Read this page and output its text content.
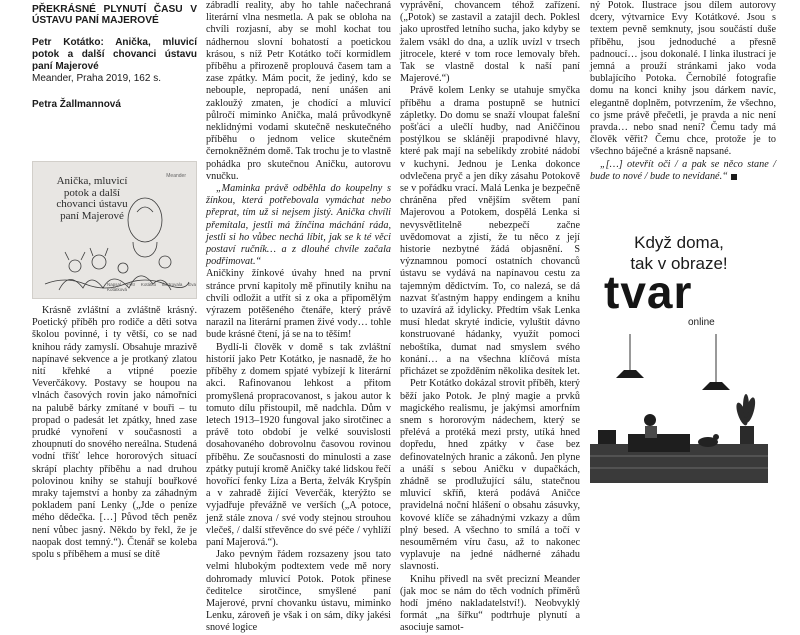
PŘEKRÁSNÉ PLYNUTÍ ČASU V ÚSTAVU PANÍ MAJEROVÉ
Petr Kotátko: Anička, mluvicí potok a další chovanci ústavu paní Majerové
Meander, Praha 2019, 162 s.
Petra Žallmannová
Meander
Anička, mluvicí potok a další chovanci ústavu paní Majerové
Napsal Petr Kotátko Ilustrovala Eva Kotátková

Krásně zvláštní a zvláštně krásný. Poetický příběh pro rodiče a děti sotva školou povinné, i ty větší, co se nad knihou rády zamyslí. Obsahuje mrazivě napínavé sekvence a je protkaný zlatou nití křehké a vtipné poezie Veverčákovy. Postavy se houpou na vlnách časových rovin jako námořníci na palubě bárky zmítané v bouři – tu propad o padesát let zpátky, hned zase prudké vynoření v současnosti a zhoupnutí do snového nereálna. Studená vodní tříšť lehce hororových situací skrápí plachty příběhu a nad druhou polovinou knihy se stahují bouřkové mraky tajemství a honby za záhadným pokladem paní Lenky („Jde o peníze mého dědečka. […] Původ těch peněz není vůbec jasný. Někdo by řekl, že je naopak dost temný.“). Čtenář se koleba spolu s příběhem a musí se dítě

zábradlí reality, aby ho tahle načechraná literární vlna nesmetla. A pak se obloha na chvíli rozjasní, aby se mohl kochat tou nádhernou slovní bohatostí a poetickou krásou, s níž Petr Kotátko točí kormidlem příběhu a přirozeně proplouvá časem tam a zase zpátky. Mám pocit, že jediný, kdo se nebouple, nepropadá, není unášen ani zakloužý zmaten, je chodící a mluvicí půlročí miminko Anička, malá průvodkyně neklidnými vodami skutečně neskutečného příběhu o jednom velice skutečném černokněžném domě. Tak trochu je to vlastně pohádka pro skutečnou Aničku, autorovu vnučku.

„Maminka právě odběhla do koupelny s žínkou, která potřebovala vymáchat nebo přeprat, tím už si nejsem jistý. Anička chvíli přemítala, jestli má žínčina máchání ráda, jestli si ho vůbec nechá líbit, jak se k té věci postaví ručník… a z dlouhé chvíle začala podřimovat.“

Aničkiny žínkové úvahy hned na první stránce první kapitoly mě přinutily knihu na chvíli odložit a utřít si z oka a připomělým výrazem potěšeného čtenáře, který právě narazil na literární pramen živé vody… tohle bude krásné čtení, já se na to těším!

Bydlí-li člověk v domě s tak zvláštní historií jako Petr Kotátko, je nasnadě, že ho příběhy z domem spjaté vybízejí k literární akci. Rafinovanou lehkost a přitom promyšlená propracovanost, s jakou autor k tomuto dílu přistoupil, mě nadchla. Dům v letech 1913–1920 fungoval jako sirotčinec a právě toto období je velké souvislosti dosahovaného dobrovolnu časovou rovinou příběhu. Ze současnosti do minulosti a zase zpátky putují kromě Aničky také lidskou řečí hovořící fenky Líza a Berta, želvák Kryšpín a v zahradě žijící Veverčák, kterýžto se vyjadřuje převážně ve verších („A potoce, jenž stále znova / své vody stejnou strouhou vlečeš, / další střevěnce do své péče / vyhlíží paní Majerová.“).

Jako pevným řádem rozsazeny jsou tato velmi hlubokým podtextem vede mě nory dohromady mluvicí Potok. Potok přinese čeditelce sirotčince, smyšlené paní Majerové, první chovanku ústavu, miminko Lenku, zároveň je však i on sám, díky jakési snové logice

vyprávění, chovancem téhož zařízení. („Potok) se zastavil a zatajil dech. Poklesl jako uprostřed letního sucha, jako kdyby se žalem vsákl do dna, a uzlík uvízl v trsech jitrocele, které v tom roce lemovaly břeh. Tak se vlastně dostal k naší paní Majerové.“)

Právě kolem Lenky se utahuje smyčka příběhu a drama postupně se hutnicí zápletky. Do domu se snaží vloupat falešní pošťáci a ulečlí hudby, nad Aniččinou postýlkou se skláněji prapodivné hlavy, které pak mají na sebelíkdy zrobité nádobí v kuchyni. Jednou je Lenka dokonce odvlečena pryč a jen díky zásahu Potokově se v pořádku vrací. Malá Lenka je bezpečně chráněna před vnějším světem paní Majerovou a Potokem, dospělá Lenka si nevysvětlitelně nebezpečí začne uvědomovat a zjistí, že tu něco z její historie nezbytné žádá objasnění. S významnou pomocí ostatních chovanců ústavu se vydává na napínavou cestu za tajemným dědictvím. To, co nalezá, se dá nazvat šťastným happy endingem a knihu to uzavírá až idylicky. Předtím však Lenka musí hledat skryté indicie, vyluštit dávno konstruované hádanky, využít pomoci neboštíka, dumat nad smyslem svého konání… a na všechna klíčová místa přicházet se zpožděním několika desítek let.

Petr Kotátko dokázal strovit příběh, který běží jako Potok. Je plný magie a prvků magického realismu, je jakýmsi amorfním snem s hororovým nádechem, který se přelévá a protéká mezi prsty, utíká hned dopředu, hned zpátky v čase bez definovatelných hranic a zákonů. Jen plyne a unáší s sebou Aničku v dupačkách, zhádně se prodlužující sálu, statečnou mluvicí skříň, která podává Aničce pravidelná noční hlášení o obsahu zásuvky, kovové klíče se záhadnými vzkazy a dům plný besed. A všechno to smílá a točí v nesouměrném víru času, až to nakonec vyplavuje na jedné nádherné záhadu slavnosti.

Knihu přivedl na svět precizní Meander (jak moc se nám do těch vodních příměrů hodí jméno nakladatelství!). Neobvyklý formát „na šířku“ podtrhuje plynutí a asociuje samot-

ný Potok. Ilustrace jsou dílem autorovy dcery, výtvarnice Evy Kotátkové. Jsou s textem pevně semknuty, jsou součástí duše příběhu, jsou jednoduché a přesně padnoucí… jsou dokonalé. I linka ilustrací je jemná a prouží stránkami jako voda bublajícího Potoka. Černobílé fotografie domu na konci knihy jsou dárkem navíc, elegantně doplněm, potvrzením, že všechno, co jsme právě přečetli, je pravda a nic není pravda… nebo snad není? Čemu tady má člověk věřit? Čemu chce, protože je to všechno báječné a krásně napsané.

„[…] otevřít oči / a pak se něco stane / bude to nové / bude to nevídané.“

Když doma,
tak v obraze!
tvar
online
